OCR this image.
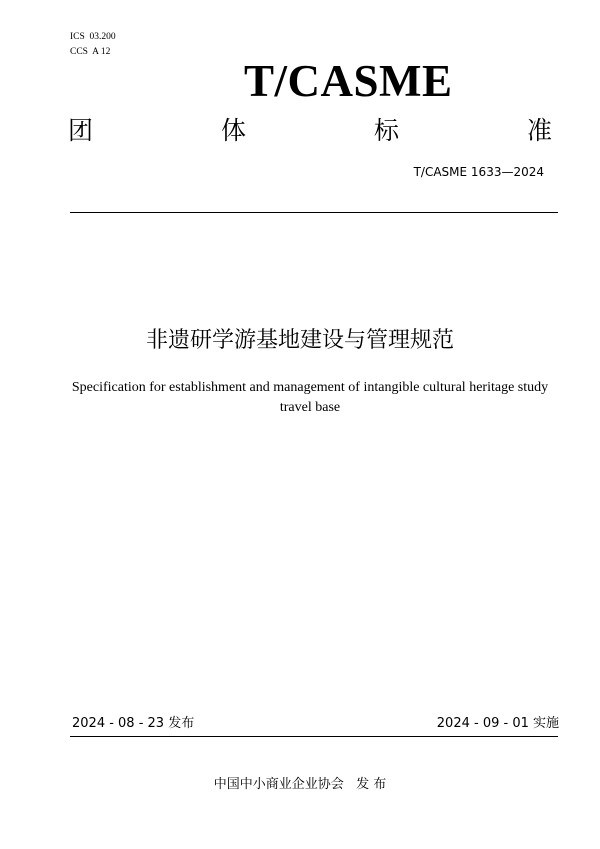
ICS  03.200
CCS  A 12
T/CASME
团	体	标	准
T/CASME 1633—2024
非遗研学游基地建设与管理规范
Specification for establishment and management of intangible cultural heritage study travel base
2024 - 08 - 23 发布	2024 - 09 - 01 实施
中国中小商业企业协会   发 布
